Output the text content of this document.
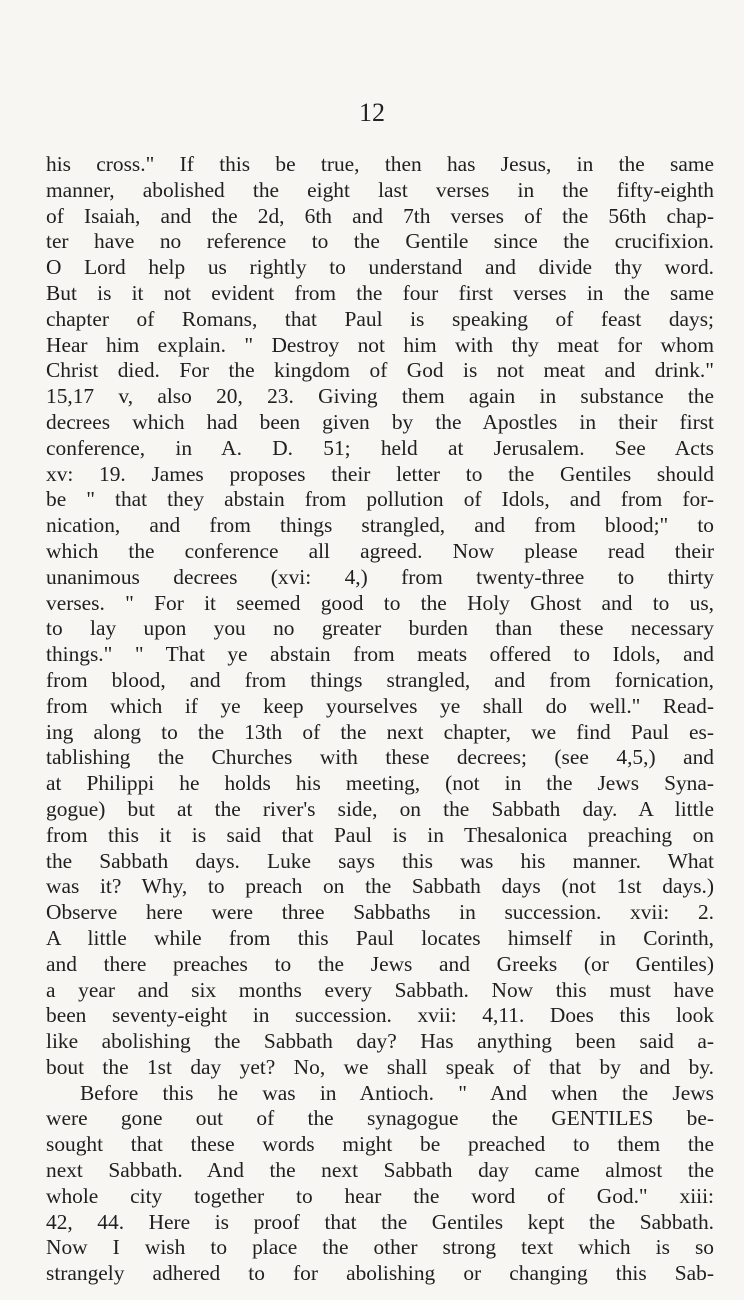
12
his cross." If this be true, then has Jesus, in the same
manner, abolished the eight last verses in the fifty-eighth
of Isaiah, and the 2d, 6th and 7th verses of the 56th chap-
ter have no reference to the Gentile since the crucifixion.
O Lord help us rightly to understand and divide thy word.
But is it not evident from the four first verses in the same
chapter of Romans, that Paul is speaking of feast days;
Hear him explain. " Destroy not him with thy meat for whom
Christ died. For the kingdom of God is not meat and drink."
15,17 v, also 20, 23. Giving them again in substance the
decrees which had been given by the Apostles in their first
conference, in A. D. 51; held at Jerusalem. See Acts
xv: 19. James proposes their letter to the Gentiles should
be " that they abstain from pollution of Idols, and from for-
nication, and from things strangled, and from blood;" to
which the conference all agreed. Now please read their
unanimous decrees (xvi: 4,) from twenty-three to thirty
verses. " For it seemed good to the Holy Ghost and to us,
to lay upon you no greater burden than these necessary
things." " That ye abstain from meats offered to Idols, and
from blood, and from things strangled, and from fornication,
from which if ye keep yourselves ye shall do well." Read-
ing along to the 13th of the next chapter, we find Paul es-
tablishing the Churches with these decrees; (see 4,5,) and
at Philippi he holds his meeting, (not in the Jews Syna-
gogue) but at the river's side, on the Sabbath day. A little
from this it is said that Paul is in Thesalonica preaching on
the Sabbath days. Luke says this was his manner. What
was it? Why, to preach on the Sabbath days (not 1st days.)
Observe here were three Sabbaths in succession. xvii: 2.
A little while from this Paul locates himself in Corinth,
and there preaches to the Jews and Greeks (or Gentiles)
a year and six months every Sabbath. Now this must have
been seventy-eight in succession. xvii: 4,11. Does this look
like abolishing the Sabbath day? Has anything been said a-
bout the 1st day yet? No, we shall speak of that by and by.
Before this he was in Antioch. " And when the Jews
were gone out of the synagogue the GENTILES be-
sought that these words might be preached to them the
next Sabbath. And the next Sabbath day came almost the
whole city together to hear the word of God." xiii:
42, 44. Here is proof that the Gentiles kept the Sabbath.
Now I wish to place the other strong text which is so
strangely adhered to for abolishing or changing this Sab-
